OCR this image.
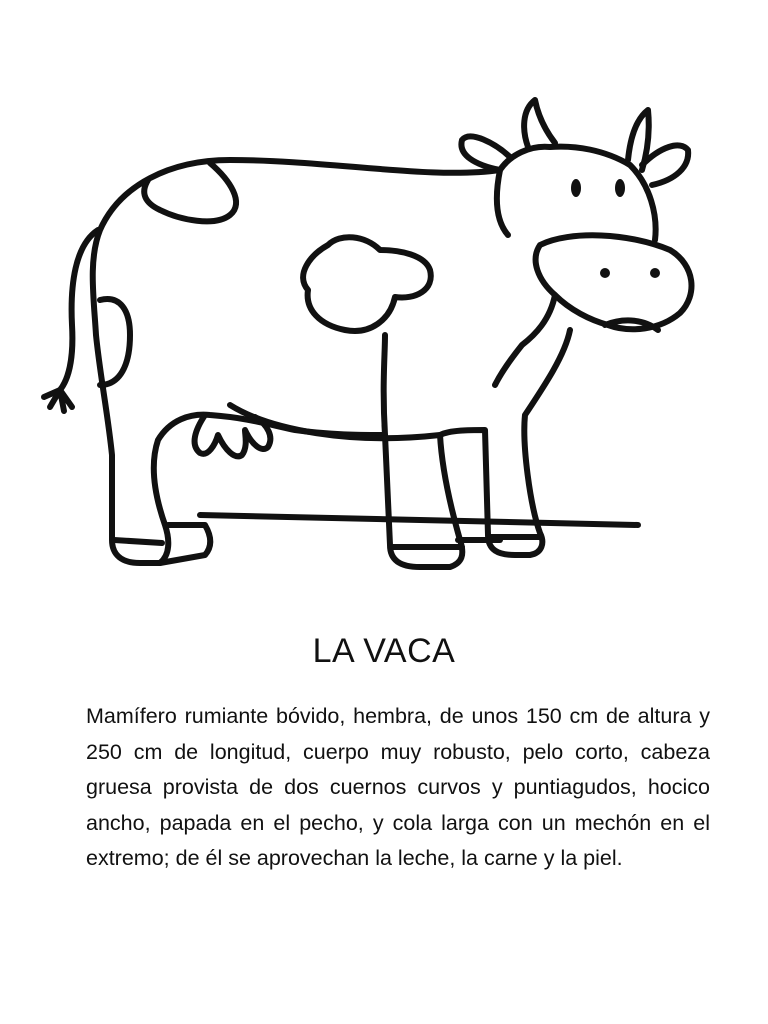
LA VACA

Mamífero rumiante bóvido, hembra, de unos 150 cm de altura y 250 cm de longitud, cuerpo muy robusto, pelo corto, cabeza gruesa provista de dos cuernos curvos y puntiagudos, hocico ancho, papada en el pecho, y cola larga con un mechón en el extremo; de él se aprovechan la leche, la carne y la piel.
